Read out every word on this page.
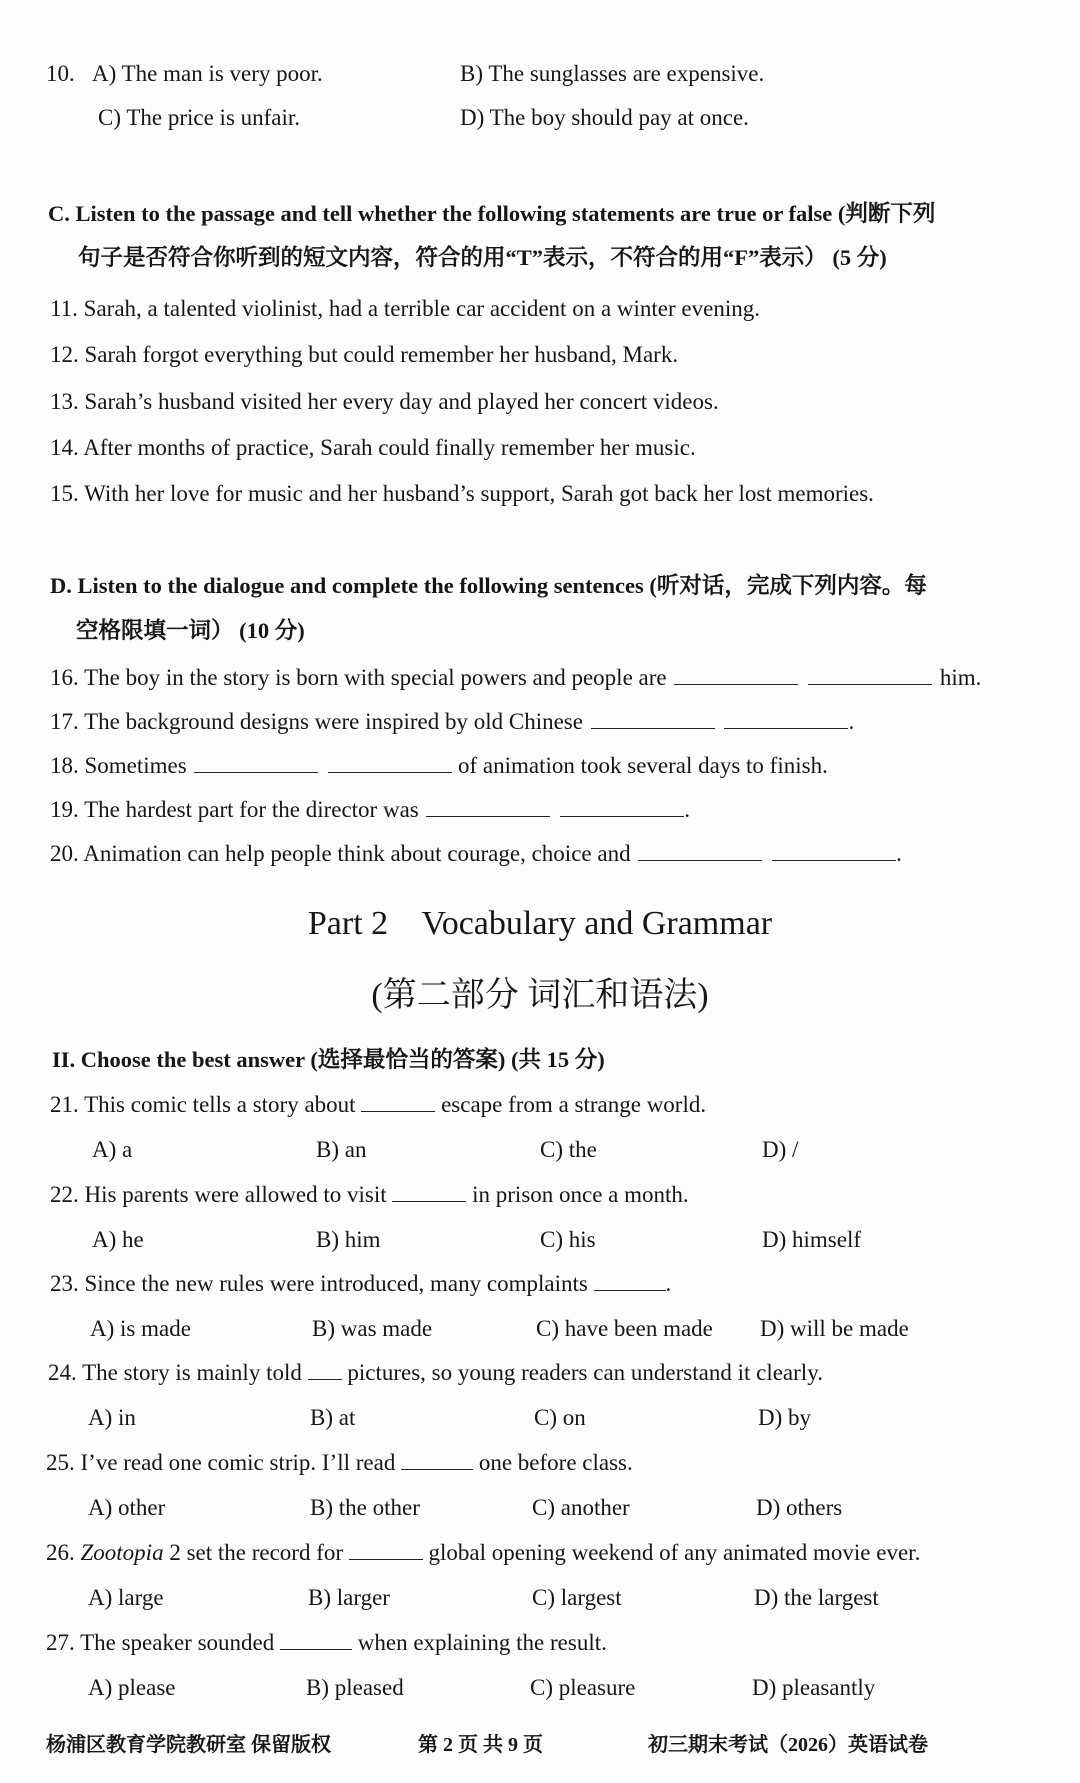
10. A) The man is very poor.	B) The sunglasses are expensive.
C) The price is unfair.	D) The boy should pay at once.
C. Listen to the passage and tell whether the following statements are true or false (判断下列
句子是否符合你听到的短文内容，符合的用“T”表示，不符合的用“F”表示） (5 分)
11. Sarah, a talented violinist, had a terrible car accident on a winter evening.
12. Sarah forgot everything but could remember her husband, Mark.
13. Sarah’s husband visited her every day and played her concert videos.
14. After months of practice, Sarah could finally remember her music.
15. With her love for music and her husband’s support, Sarah got back her lost memories.
D. Listen to the dialogue and complete the following sentences (听对话，完成下列内容。每
空格限填一词） (10 分)
16. The boy in the story is born with special powers and people are	him.
17. The background designs were inspired by old Chinese	.
18. Sometimes	of animation took several days to finish.
19. The hardest part for the director was	.
20. Animation can help people think about courage, choice and	.
Part 2    Vocabulary and Grammar
(第二部分 词汇和语法)
II. Choose the best answer (选择最恰当的答案) (共 15 分)
21. This comic tells a story about	escape from a strange world.
A) a	B) an	C) the	D) /
22. His parents were allowed to visit	in prison once a month.
A) he	B) him	C) his	D) himself
23. Since the new rules were introduced, many complaints	.
A) is made	B) was made	C) have been made D) will be made
24. The story is mainly told pictures, so young readers can understand it clearly.
A) in	B) at	C) on	D) by
25. I’ve read one comic strip. I’ll read	one before class.
A) other	B) the other	C) another	D) others
26. Zootopia 2 set the record for	global opening weekend of any animated movie ever.
A) large	B) larger	C) largest	D) the largest
27. The speaker sounded	when explaining the result.
A) please	B) pleased	C) pleasure	D) pleasantly
杨浦区教育学院教研室 保留版权	第 2 页 共 9 页	初三期末考试（2026）英语试卷
